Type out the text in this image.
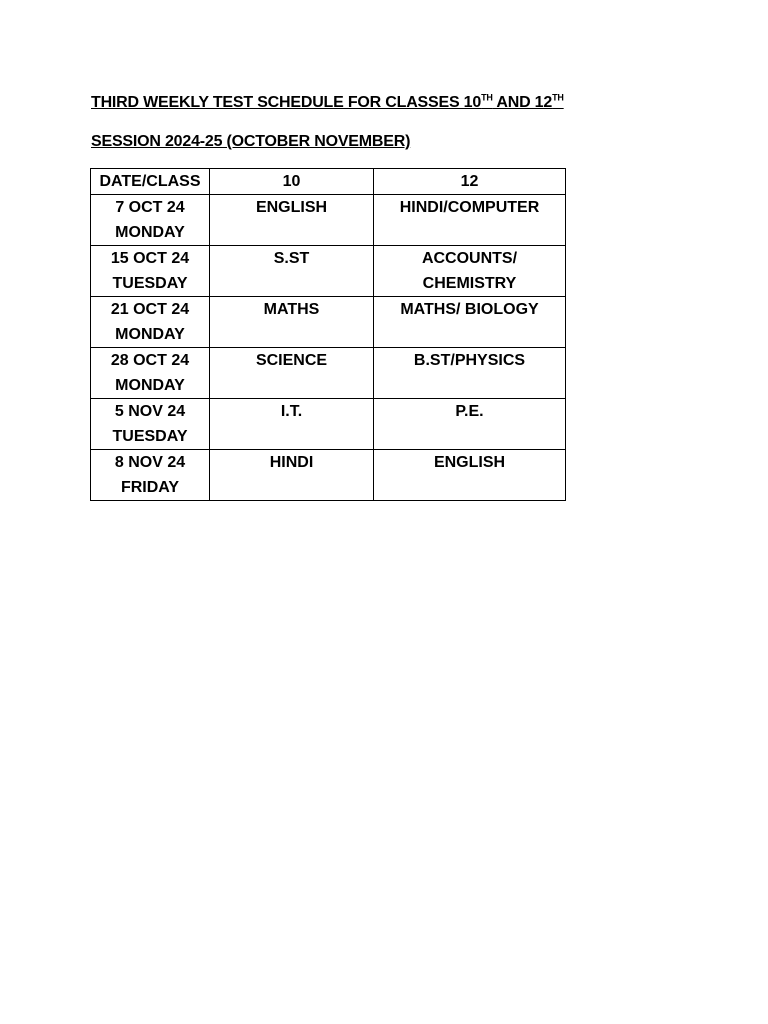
THIRD WEEKLY TEST SCHEDULE FOR CLASSES 10TH AND 12TH
SESSION 2024-25 (OCTOBER NOVEMBER)
DATE/CLASS	10	12

7 OCT 24
MONDAY	ENGLISH	HINDI/COMPUTER

15 OCT 24
TUESDAY	S.ST	ACCOUNTS/
CHEMISTRY

21 OCT 24
MONDAY	MATHS	MATHS/ BIOLOGY

28 OCT 24
MONDAY	SCIENCE	B.ST/PHYSICS

5 NOV 24
TUESDAY	I.T.	P.E.

8 NOV 24
FRIDAY	HINDI	ENGLISH
